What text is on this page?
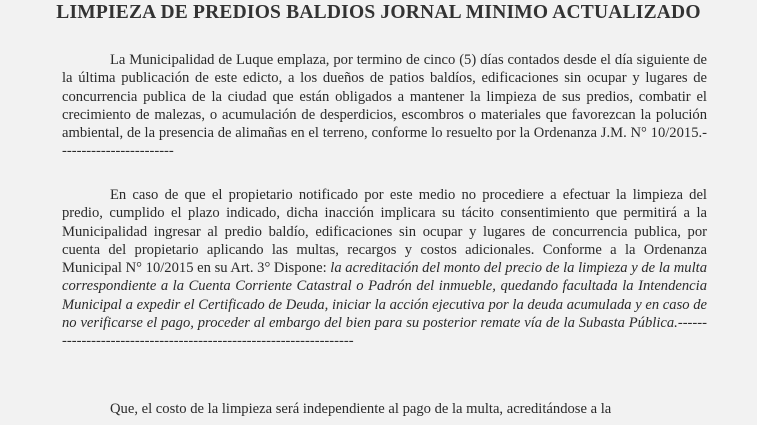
LIMPIEZA DE PREDIOS BALDIOS JORNAL MINIMO ACTUALIZADO

La Municipalidad de Luque emplaza, por termino de cinco (5) días contados desde el día siguiente de la última publicación de este edicto, a los dueños de patios baldíos, edificaciones sin ocupar y lugares de concurrencia publica de la ciudad que están obligados a mantener la limpieza de sus predios, combatir el crecimiento de malezas, o acumulación de desperdicios, escombros o materiales que favorezcan la polución ambiental, de la presencia de alimañas en el terreno, conforme lo resuelto por la Ordenanza J.M. N° 10/2015.------------------------

En caso de que el propietario notificado por este medio no procediere a efectuar la limpieza del predio, cumplido el plazo indicado, dicha inacción implicara su tácito consentimiento que permitirá a la Municipalidad ingresar al predio baldío, edificaciones sin ocupar y lugares de concurrencia publica, por cuenta del propietario aplicando las multas, recargos y costos adicionales. Conforme a la Ordenanza Municipal N° 10/2015 en su Art. 3° Dispone: la acreditación del monto del precio de la limpieza y de la multa correspondiente a la Cuenta Corriente Catastral o Padrón del inmueble, quedando facultada la Intendencia Municipal a expedir el Certificado de Deuda, iniciar la acción ejecutiva por la deuda acumulada y en caso de no verificarse el pago, proceder al embargo del bien para su posterior remate vía de la Subasta Pública.------------------------------------------------------------------

Que, el costo de la limpieza será independiente al pago de la multa, acreditándose a la
